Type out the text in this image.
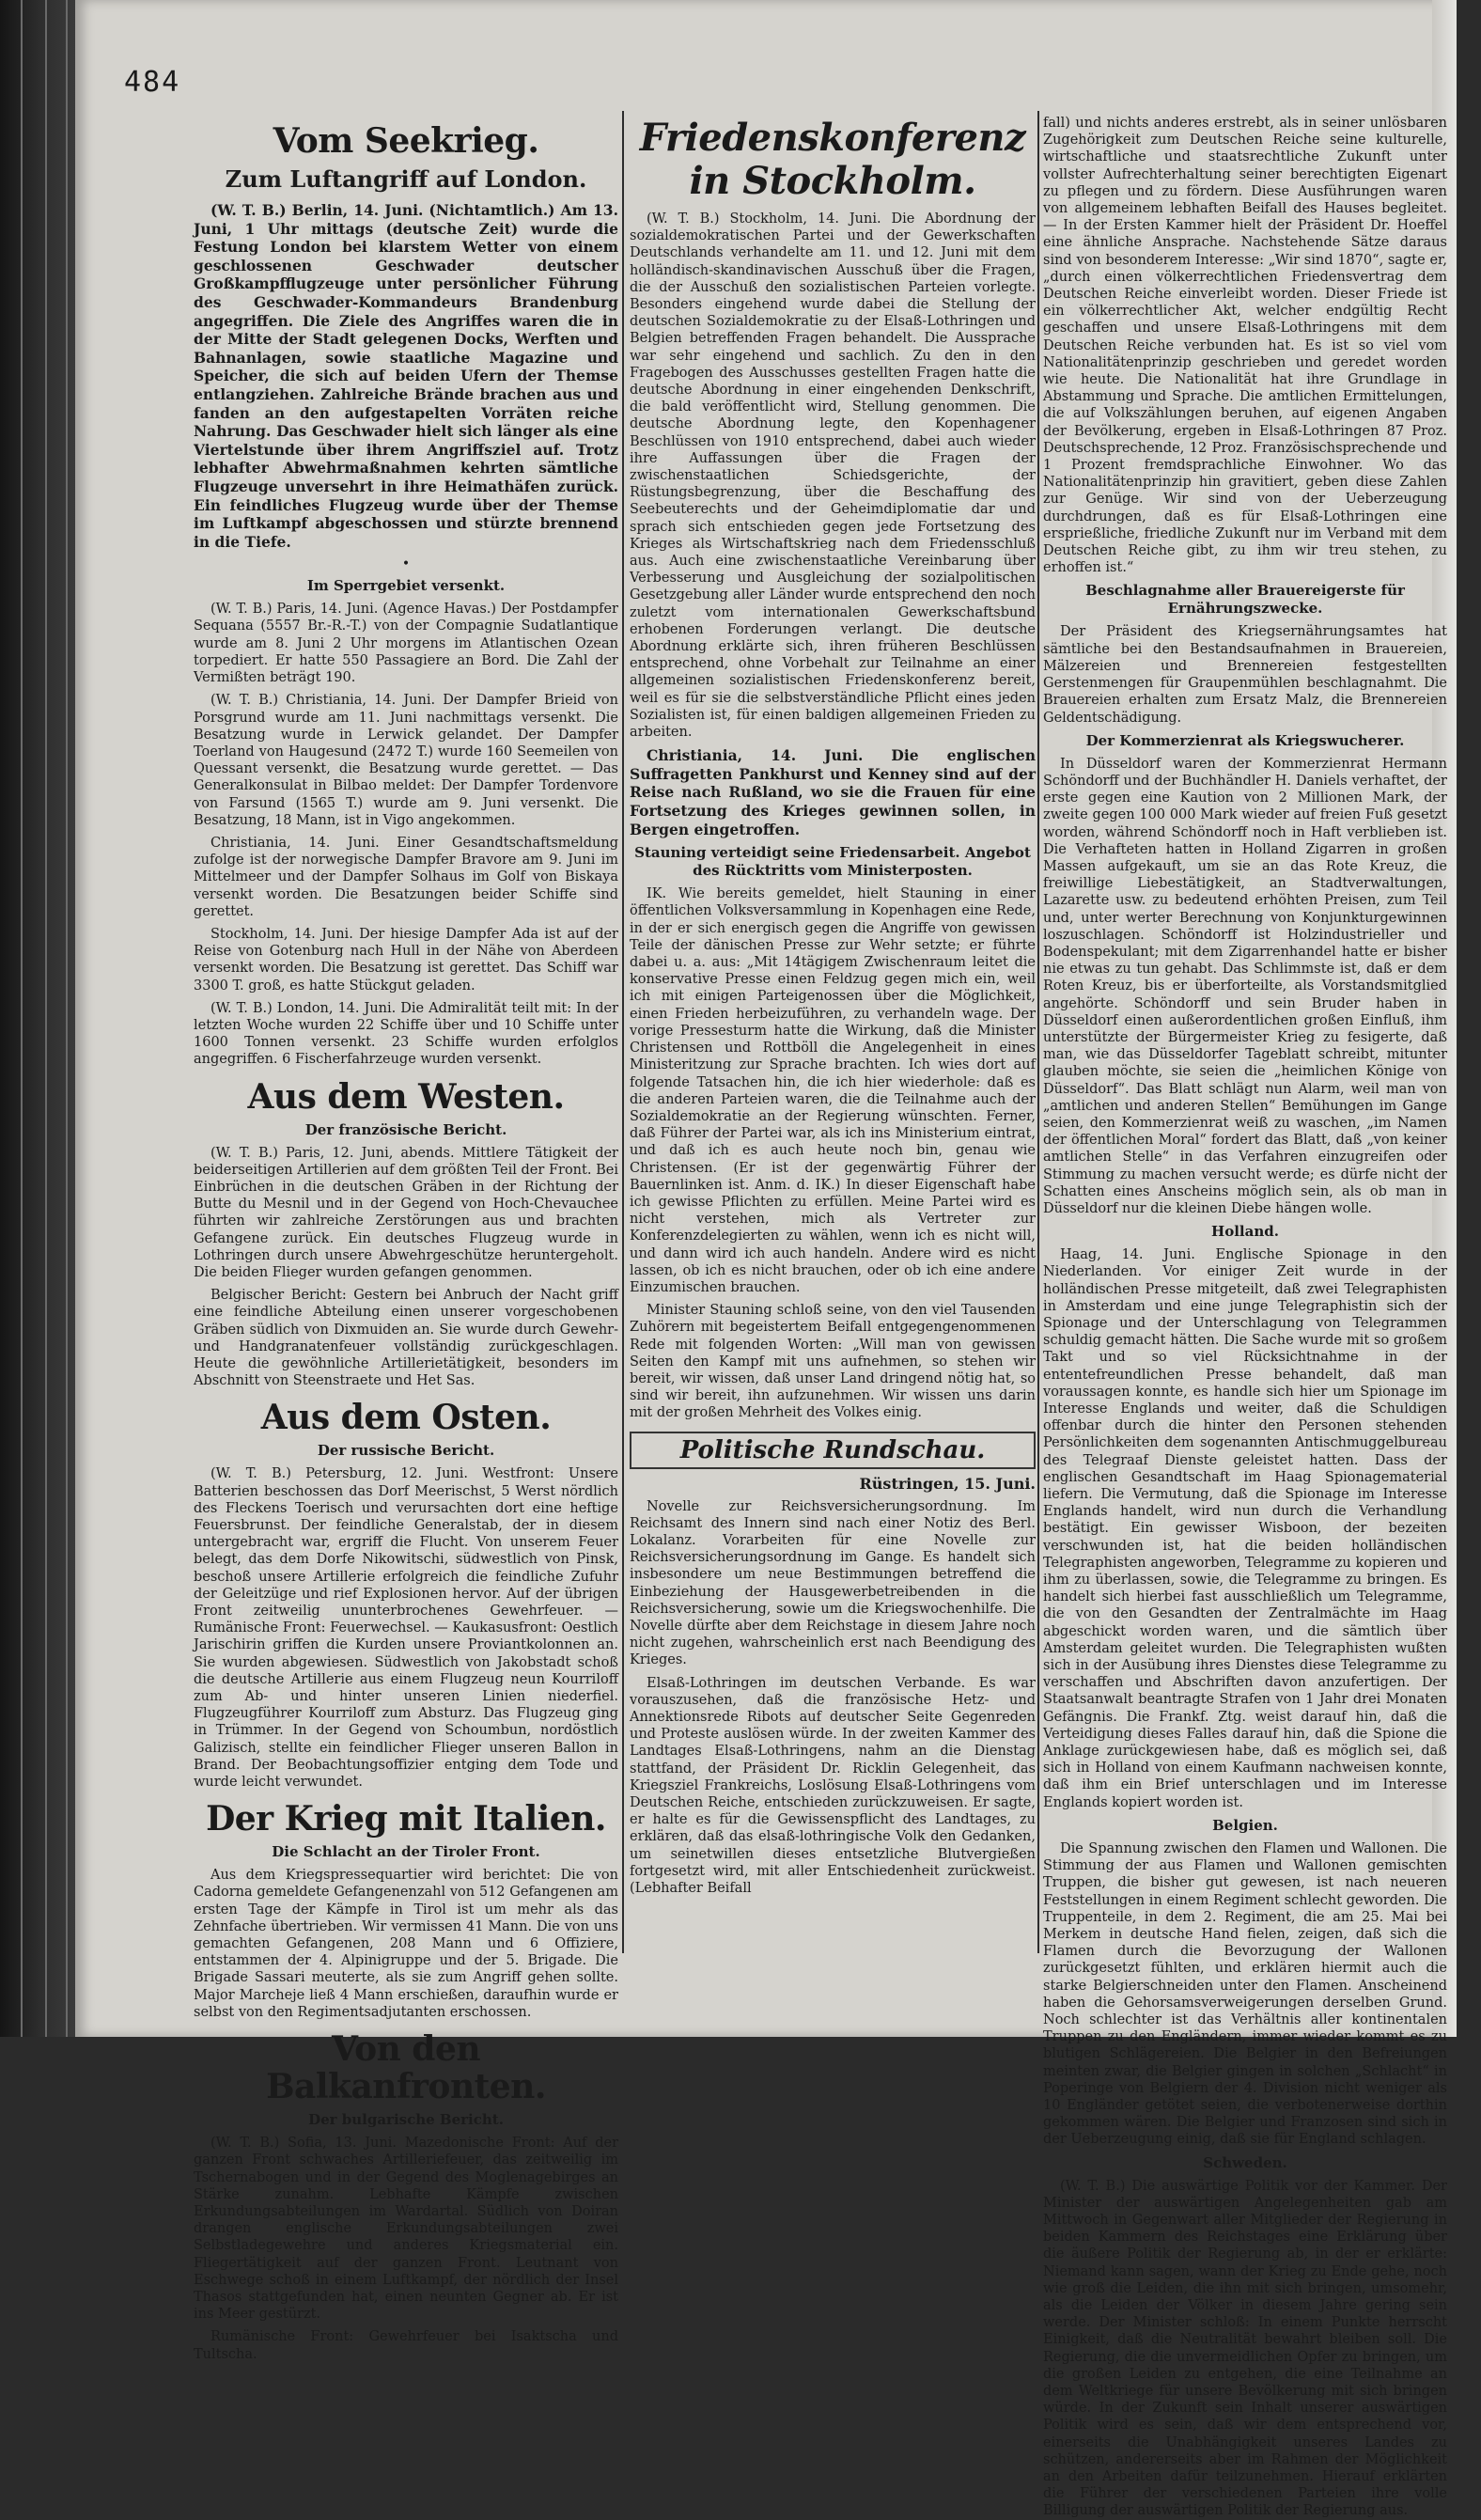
484
Vom Seekrieg.
Zum Luftangriff auf London.

(W. T. B.) Berlin, 14. Juni. (Nichtamtlich.) Am 13. Juni, 1 Uhr mittags (deutsche Zeit) wurde die Festung London bei klarstem Wetter von einem geschlossenen Geschwader deutscher Großkampfflugzeuge unter persönlicher Führung des Geschwader-Kommandeurs Brandenburg angegriffen. Die Ziele des Angriffes waren die in der Mitte der Stadt gelegenen Docks, Werften und Bahnanlagen, sowie staatliche Magazine und Speicher, die sich auf beiden Ufern der Themse entlangziehen. Zahlreiche Brände brachen aus und fanden an den aufgestapelten Vorräten reiche Nahrung. Das Geschwader hielt sich länger als eine Viertelstunde über ihrem Angriffsziel auf. Trotz lebhafter Abwehrmaßnahmen kehrten sämtliche Flugzeuge unversehrt in ihre Heimathäfen zurück. Ein feindliches Flugzeug wurde über der Themse im Luftkampf abgeschossen und stürzte brennend in die Tiefe.

•
Im Sperrgebiet versenkt.

(W. T. B.) Paris, 14. Juni. (Agence Havas.) Der Postdampfer Sequana (5557 Br.-R.-T.) von der Compagnie Sudatlantique wurde am 8. Juni 2 Uhr morgens im Atlantischen Ozean torpediert. Er hatte 550 Passagiere an Bord. Die Zahl der Vermißten beträgt 190.

(W. T. B.) Christiania, 14. Juni. Der Dampfer Brieid von Porsgrund wurde am 11. Juni nachmittags versenkt. Die Besatzung wurde in Lerwick gelandet. Der Dampfer Toerland von Haugesund (2472 T.) wurde 160 Seemeilen von Quessant versenkt, die Besatzung wurde gerettet. — Das Generalkonsulat in Bilbao meldet: Der Dampfer Tordenvore von Farsund (1565 T.) wurde am 9. Juni versenkt. Die Besatzung, 18 Mann, ist in Vigo angekommen.

Christiania, 14. Juni. Einer Gesandtschaftsmeldung zufolge ist der norwegische Dampfer Bravore am 9. Juni im Mittelmeer und der Dampfer Solhaus im Golf von Biskaya versenkt worden. Die Besatzungen beider Schiffe sind gerettet.

Stockholm, 14. Juni. Der hiesige Dampfer Ada ist auf der Reise von Gotenburg nach Hull in der Nähe von Aberdeen versenkt worden. Die Besatzung ist gerettet. Das Schiff war 3300 T. groß, es hatte Stückgut geladen.

(W. T. B.) London, 14. Juni. Die Admiralität teilt mit: In der letzten Woche wurden 22 Schiffe über und 10 Schiffe unter 1600 Tonnen versenkt. 23 Schiffe wurden erfolglos angegriffen. 6 Fischerfahrzeuge wurden versenkt.

Aus dem Westen.
Der französische Bericht.

(W. T. B.) Paris, 12. Juni, abends. Mittlere Tätigkeit der beiderseitigen Artillerien auf dem größten Teil der Front. Bei Einbrüchen in die deutschen Gräben in der Richtung der Butte du Mesnil und in der Gegend von Hoch-Chevauchee führten wir zahlreiche Zerstörungen aus und brachten Gefangene zurück. Ein deutsches Flugzeug wurde in Lothringen durch unsere Abwehrgeschütze heruntergeholt. Die beiden Flieger wurden gefangen genommen.

Belgischer Bericht: Gestern bei Anbruch der Nacht griff eine feindliche Abteilung einen unserer vorgeschobenen Gräben südlich von Dixmuiden an. Sie wurde durch Gewehr- und Handgranatenfeuer vollständig zurückgeschlagen. Heute die gewöhnliche Artillerietätigkeit, besonders im Abschnitt von Steenstraete und Het Sas.

Aus dem Osten.
Der russische Bericht.

(W. T. B.) Petersburg, 12. Juni. Westfront: Unsere Batterien beschossen das Dorf Meerischst, 5 Werst nördlich des Fleckens Toerisch und verursachten dort eine heftige Feuersbrunst. Der feindliche Generalstab, der in diesem untergebracht war, ergriff die Flucht. Von unserem Feuer belegt, das dem Dorfe Nikowitschi, südwestlich von Pinsk, beschoß unsere Artillerie erfolgreich die feindliche Zufuhr der Geleitzüge und rief Explosionen hervor. Auf der übrigen Front zeitweilig ununterbrochenes Gewehrfeuer. — Rumänische Front: Feuerwechsel. — Kaukasusfront: Oestlich Jarischirin griffen die Kurden unsere Proviantkolonnen an. Sie wurden abgewiesen. Südwestlich von Jakobstadt schoß die deutsche Artillerie aus einem Flugzeug neun Kourriloff zum Ab- und hinter unseren Linien niederfiel. Flugzeugführer Kourriloff zum Absturz. Das Flugzeug ging in Trümmer. In der Gegend von Schoumbun, nordöstlich Galizisch, stellte ein feindlicher Flieger unseren Ballon in Brand. Der Beobachtungsoffizier entging dem Tode und wurde leicht verwundet.

Der Krieg mit Italien.
Die Schlacht an der Tiroler Front.

Aus dem Kriegspressequartier wird berichtet: Die von Cadorna gemeldete Gefangenenzahl von 512 Gefangenen am ersten Tage der Kämpfe in Tirol ist um mehr als das Zehnfache übertrieben. Wir vermissen 41 Mann. Die von uns gemachten Gefangenen, 208 Mann und 6 Offiziere, entstammen der 4. Alpinigruppe und der 5. Brigade. Die Brigade Sassari meuterte, als sie zum Angriff gehen sollte. Major Marcheje ließ 4 Mann erschießen, daraufhin wurde er selbst von den Regimentsadjutanten erschossen.

Von den Balkanfronten.
Der bulgarische Bericht.

(W. T. B.) Sofia, 13. Juni. Mazedonische Front: Auf der ganzen Front schwaches Artilleriefeuer, das zeitweilig im Tschernabogen und in der Gegend des Moglenagebirges an Stärke zunahm. Lebhafte Kämpfe zwischen Erkundungsabteilungen im Wardartal. Südlich von Doiran drangen englische Erkundungsabteilungen zwei Selbstladegewehre und anderes Kriegsmaterial ein. Fliegertätigkeit auf der ganzen Front. Leutnant von Eschwege schoß in einem Luftkampf, der nördlich der Insel Thasos stattgefunden hat, einen neunten Gegner ab. Er ist ins Meer gestürzt.

Rumänische Front: Gewehrfeuer bei Isaktscha und Tultscha.

Friedenskonferenz in Stockholm.

(W. T. B.) Stockholm, 14. Juni. Die Abordnung der sozialdemokratischen Partei und der Gewerkschaften Deutschlands verhandelte am 11. und 12. Juni mit dem holländisch-skandinavischen Ausschuß über die Fragen, die der Ausschuß den sozialistischen Parteien vorlegte. Besonders eingehend wurde dabei die Stellung der deutschen Sozialdemokratie zu der Elsaß-Lothringen und Belgien betreffenden Fragen behandelt. Die Aussprache war sehr eingehend und sachlich. Zu den in den Fragebogen des Ausschusses gestellten Fragen hatte die deutsche Abordnung in einer eingehenden Denkschrift, die bald veröffentlicht wird, Stellung genommen. Die deutsche Abordnung legte, den Kopenhagener Beschlüssen von 1910 entsprechend, dabei auch wieder ihre Auffassungen über die Fragen der zwischenstaatlichen Schiedsgerichte, der Rüstungsbegrenzung, über die Beschaffung des Seebeuterechts und der Geheimdiplomatie dar und sprach sich entschieden gegen jede Fortsetzung des Krieges als Wirtschaftskrieg nach dem Friedensschluß aus. Auch eine zwischenstaatliche Vereinbarung über Verbesserung und Ausgleichung der sozialpolitischen Gesetzgebung aller Länder wurde entsprechend den noch zuletzt vom internationalen Gewerkschaftsbund erhobenen Forderungen verlangt. Die deutsche Abordnung erklärte sich, ihren früheren Beschlüssen entsprechend, ohne Vorbehalt zur Teilnahme an einer allgemeinen sozialistischen Friedenskonferenz bereit, weil es für sie die selbstverständliche Pflicht eines jeden Sozialisten ist, für einen baldigen allgemeinen Frieden zu arbeiten.

Christiania, 14. Juni. Die englischen Suffragetten Pankhurst und Kenney sind auf der Reise nach Rußland, wo sie die Frauen für eine Fortsetzung des Krieges gewinnen sollen, in Bergen eingetroffen.

Stauning verteidigt seine Friedensarbeit. Angebot des Rücktritts vom Ministerposten.

IK. Wie bereits gemeldet, hielt Stauning in einer öffentlichen Volksversammlung in Kopenhagen eine Rede, in der er sich energisch gegen die Angriffe von gewissen Teile der dänischen Presse zur Wehr setzte; er führte dabei u. a. aus: „Mit 14tägigem Zwischenraum leitet die konservative Presse einen Feldzug gegen mich ein, weil ich mit einigen Parteigenossen über die Möglichkeit, einen Frieden herbeizuführen, zu verhandeln wage. Der vorige Pressesturm hatte die Wirkung, daß die Minister Christensen und Rottböll die Angelegenheit in eines Ministeritzung zur Sprache brachten. Ich wies dort auf folgende Tatsachen hin, die ich hier wiederhole: daß es die anderen Parteien waren, die die Teilnahme auch der Sozialdemokratie an der Regierung wünschten. Ferner, daß Führer der Partei war, als ich ins Ministerium eintrat, und daß ich es auch heute noch bin, genau wie Christensen. (Er ist der gegenwärtig Führer der Bauernlinken ist. Anm. d. IK.) In dieser Eigenschaft habe ich gewisse Pflichten zu erfüllen. Meine Partei wird es nicht verstehen, mich als Vertreter zur Konferenzdelegierten zu wählen, wenn ich es nicht will, und dann wird ich auch handeln. Andere wird es nicht lassen, ob ich es nicht brauchen, oder ob ich eine andere Einzumischen brauchen.

Minister Stauning schloß seine, von den viel Tausenden Zuhörern mit begeistertem Beifall entgegengenommenen Rede mit folgenden Worten: „Will man von gewissen Seiten den Kampf mit uns aufnehmen, so stehen wir bereit, wir wissen, daß unser Land dringend nötig hat, so sind wir bereit, ihn aufzunehmen. Wir wissen uns darin mit der großen Mehrheit des Volkes einig.

Politische Rundschau.
Rüstringen, 15. Juni.

Novelle zur Reichsversicherungsordnung. Im Reichsamt des Innern sind nach einer Notiz des Berl. Lokalanz. Vorarbeiten für eine Novelle zur Reichsversicherungsordnung im Gange. Es handelt sich insbesondere um neue Bestimmungen betreffend die Einbeziehung der Hausgewerbetreibenden in die Reichsversicherung, sowie um die Kriegswochenhilfe. Die Novelle dürfte aber dem Reichstage in diesem Jahre noch nicht zugehen, wahrscheinlich erst nach Beendigung des Krieges.

Elsaß-Lothringen im deutschen Verbande. Es war vorauszusehen, daß die französische Hetz- und Annektionsrede Ribots auf deutscher Seite Gegenreden und Proteste auslösen würde. In der zweiten Kammer des Landtages Elsaß-Lothringens, nahm an die Dienstag stattfand, der Präsident Dr. Ricklin Gelegenheit, das Kriegsziel Frankreichs, Loslösung Elsaß-Lothringens vom Deutschen Reiche, entschieden zurückzuweisen. Er sagte, er halte es für die Gewissenspflicht des Landtages, zu erklären, daß das elsaß-lothringische Volk den Gedanken, um seinetwillen dieses entsetzliche Blutvergießen fortgesetzt wird, mit aller Entschiedenheit zurückweist. (Lebhafter Beifall

fall) und nichts anderes erstrebt, als in seiner unlösbaren Zugehörigkeit zum Deutschen Reiche seine kulturelle, wirtschaftliche und staatsrechtliche Zukunft unter vollster Aufrechterhaltung seiner berechtigten Eigenart zu pflegen und zu fördern. Diese Ausführungen waren von allgemeinem lebhaften Beifall des Hauses begleitet. — In der Ersten Kammer hielt der Präsident Dr. Hoeffel eine ähnliche Ansprache. Nachstehende Sätze daraus sind von besonderem Interesse: „Wir sind 1870“, sagte er, „durch einen völkerrechtlichen Friedensvertrag dem Deutschen Reiche einverleibt worden. Dieser Friede ist ein völkerrechtlicher Akt, welcher endgültig Recht geschaffen und unsere Elsaß-Lothringens mit dem Deutschen Reiche verbunden hat. Es ist so viel vom Nationalitätenprinzip geschrieben und geredet worden wie heute. Die Nationalität hat ihre Grundlage in Abstammung und Sprache. Die amtlichen Ermittelungen, die auf Volkszählungen beruhen, auf eigenen Angaben der Bevölkerung, ergeben in Elsaß-Lothringen 87 Proz. Deutschsprechende, 12 Proz. Französischsprechende und 1 Prozent fremdsprachliche Einwohner. Wo das Nationalitätenprinzip hin gravitiert, geben diese Zahlen zur Genüge. Wir sind von der Ueberzeugung durchdrungen, daß es für Elsaß-Lothringen eine ersprießliche, friedliche Zukunft nur im Verband mit dem Deutschen Reiche gibt, zu ihm wir treu stehen, zu erhoffen ist.“

Beschlagnahme aller Brauereigerste für Ernährungszwecke.

Der Präsident des Kriegsernährungsamtes hat sämtliche bei den Bestandsaufnahmen in Brauereien, Mälzereien und Brennereien festgestellten Gerstenmengen für Graupenmühlen beschlagnahmt. Die Brauereien erhalten zum Ersatz Malz, die Brennereien Geldentschädigung.

Der Kommerzienrat als Kriegswucherer.

In Düsseldorf waren der Kommerzienrat Hermann Schöndorff und der Buchhändler H. Daniels verhaftet, der erste gegen eine Kaution von 2 Millionen Mark, der zweite gegen 100 000 Mark wieder auf freien Fuß gesetzt worden, während Schöndorff noch in Haft verblieben ist. Die Verhafteten hatten in Holland Zigarren in großen Massen aufgekauft, um sie an das Rote Kreuz, die freiwillige Liebestätigkeit, an Stadtverwaltungen, Lazarette usw. zu bedeutend erhöhten Preisen, zum Teil und, unter werter Berechnung von Konjunkturgewinnen loszuschlagen. Schöndorff ist Holzindustrieller und Bodenspekulant; mit dem Zigarrenhandel hatte er bisher nie etwas zu tun gehabt. Das Schlimmste ist, daß er dem Roten Kreuz, bis er überforteilte, als Vorstandsmitglied angehörte. Schöndorff und sein Bruder haben in Düsseldorf einen außerordentlichen großen Einfluß, ihm unterstützte der Bürgermeister Krieg zu fesigerte, daß man, wie das Düsseldorfer Tageblatt schreibt, mitunter glauben möchte, sie seien die „heimlichen Könige von Düsseldorf“. Das Blatt schlägt nun Alarm, weil man von „amtlichen und anderen Stellen“ Bemühungen im Gange seien, den Kommerzienrat weiß zu waschen, „im Namen der öffentlichen Moral“ fordert das Blatt, daß „von keiner amtlichen Stelle“ in das Verfahren einzugreifen oder Stimmung zu machen versucht werde; es dürfe nicht der Schatten eines Anscheins möglich sein, als ob man in Düsseldorf nur die kleinen Diebe hängen wolle.

Holland.

Haag, 14. Juni. Englische Spionage in den Niederlanden. Vor einiger Zeit wurde in der holländischen Presse mitgeteilt, daß zwei Telegraphisten in Amsterdam und eine junge Telegraphistin sich der Spionage und der Unterschlagung von Telegrammen schuldig gemacht hätten. Die Sache wurde mit so großem Takt und so viel Rücksichtnahme in der ententefreundlichen Presse behandelt, daß man voraussagen konnte, es handle sich hier um Spionage im Interesse Englands und weiter, daß die Schuldigen offenbar durch die hinter den Personen stehenden Persönlichkeiten dem sogenannten Antischmuggelbureau des Telegraaf Dienste geleistet hatten. Dass der englischen Gesandtschaft im Haag Spionagematerial liefern. Die Vermutung, daß die Spionage im Interesse Englands handelt, wird nun durch die Verhandlung bestätigt. Ein gewisser Wisboon, der bezeiten verschwunden ist, hat die beiden holländischen Telegraphisten angeworben, Telegramme zu kopieren und ihm zu überlassen, sowie, die Telegramme zu bringen. Es handelt sich hierbei fast ausschließlich um Telegramme, die von den Gesandten der Zentralmächte im Haag abgeschickt worden waren, und die sämtlich über Amsterdam geleitet wurden. Die Telegraphisten wußten sich in der Ausübung ihres Dienstes diese Telegramme zu verschaffen und Abschriften davon anzufertigen. Der Staatsanwalt beantragte Strafen von 1 Jahr drei Monaten Gefängnis. Die Frankf. Ztg. weist darauf hin, daß die Verteidigung dieses Falles darauf hin, daß die Spione die Anklage zurückgewiesen habe, daß es möglich sei, daß sich in Holland von einem Kaufmann nachweisen konnte, daß ihm ein Brief unterschlagen und im Interesse Englands kopiert worden ist.

Belgien.

Die Spannung zwischen den Flamen und Wallonen. Die Stimmung der aus Flamen und Wallonen gemischten Truppen, die bisher gut gewesen, ist nach neueren Feststellungen in einem Regiment schlecht geworden. Die Truppenteile, in dem 2. Regiment, die am 25. Mai bei Merkem in deutsche Hand fielen, zeigen, daß sich die Flamen durch die Bevorzugung der Wallonen zurückgesetzt fühlten, und erklären hiermit auch die starke Belgierschneiden unter den Flamen. Anscheinend haben die Gehorsamsverweigerungen derselben Grund. Noch schlechter ist das Verhältnis aller kontinentalen Truppen zu den Engländern, immer wieder kommt es zu blutigen Schlägereien. Die Belgier in den Befreiungen meinten zwar, die Belgier gingen in solchen „Schlacht“ in Poperinge von Belgiern der 4. Division nicht weniger als 10 Engländer getötet seien, die verbotenerweise dorthin gekommen wären. Die Belgier und Franzosen sind sich in der Ueberzeugung einig, daß sie für England schlagen.

Schweden.

(W. T. B.) Die auswärtige Politik vor der Kammer. Der Minister der auswärtigen Angelegenheiten gab am Mittwoch in Gegenwart aller Mitglieder der Regierung in beiden Kammern des Reichstages eine Erklärung über die äußere Politik der Regierung ab, in der er erklärte: Niemand kann sagen, wann der Krieg zu Ende gehe, noch wie groß die Leiden, die ihn mit sich bringen, umsomehr, als die Leiden der Völker in diesem Jahre gering sein werde. Der Minister schloß: In einem Punkte herrscht Einigkeit, daß die Neutralität bewahrt bleiben soll. Die Regierung, die die unvermeidlichen Opfer zu bringen, um die großen Leiden zu entgehen, die eine Teilnahme an dem Weltkriege für unsere Bevölkerung mit sich bringen würde. In der Zukunft sein Inhalt unserer auswärtigen Politik wird es sein, daß wir dem entsprechend vor, einerseits die Unabhängigkeit unseres Landes zu schützen, andererseits aber im Rahmen der Möglichkeit an den Arbeiten dafür teilzunehmen. Hierauf erklärten die Führer der verschiedenen Parteien ihre volle Billigung der auswärtigen Politik der Regierung aus.
